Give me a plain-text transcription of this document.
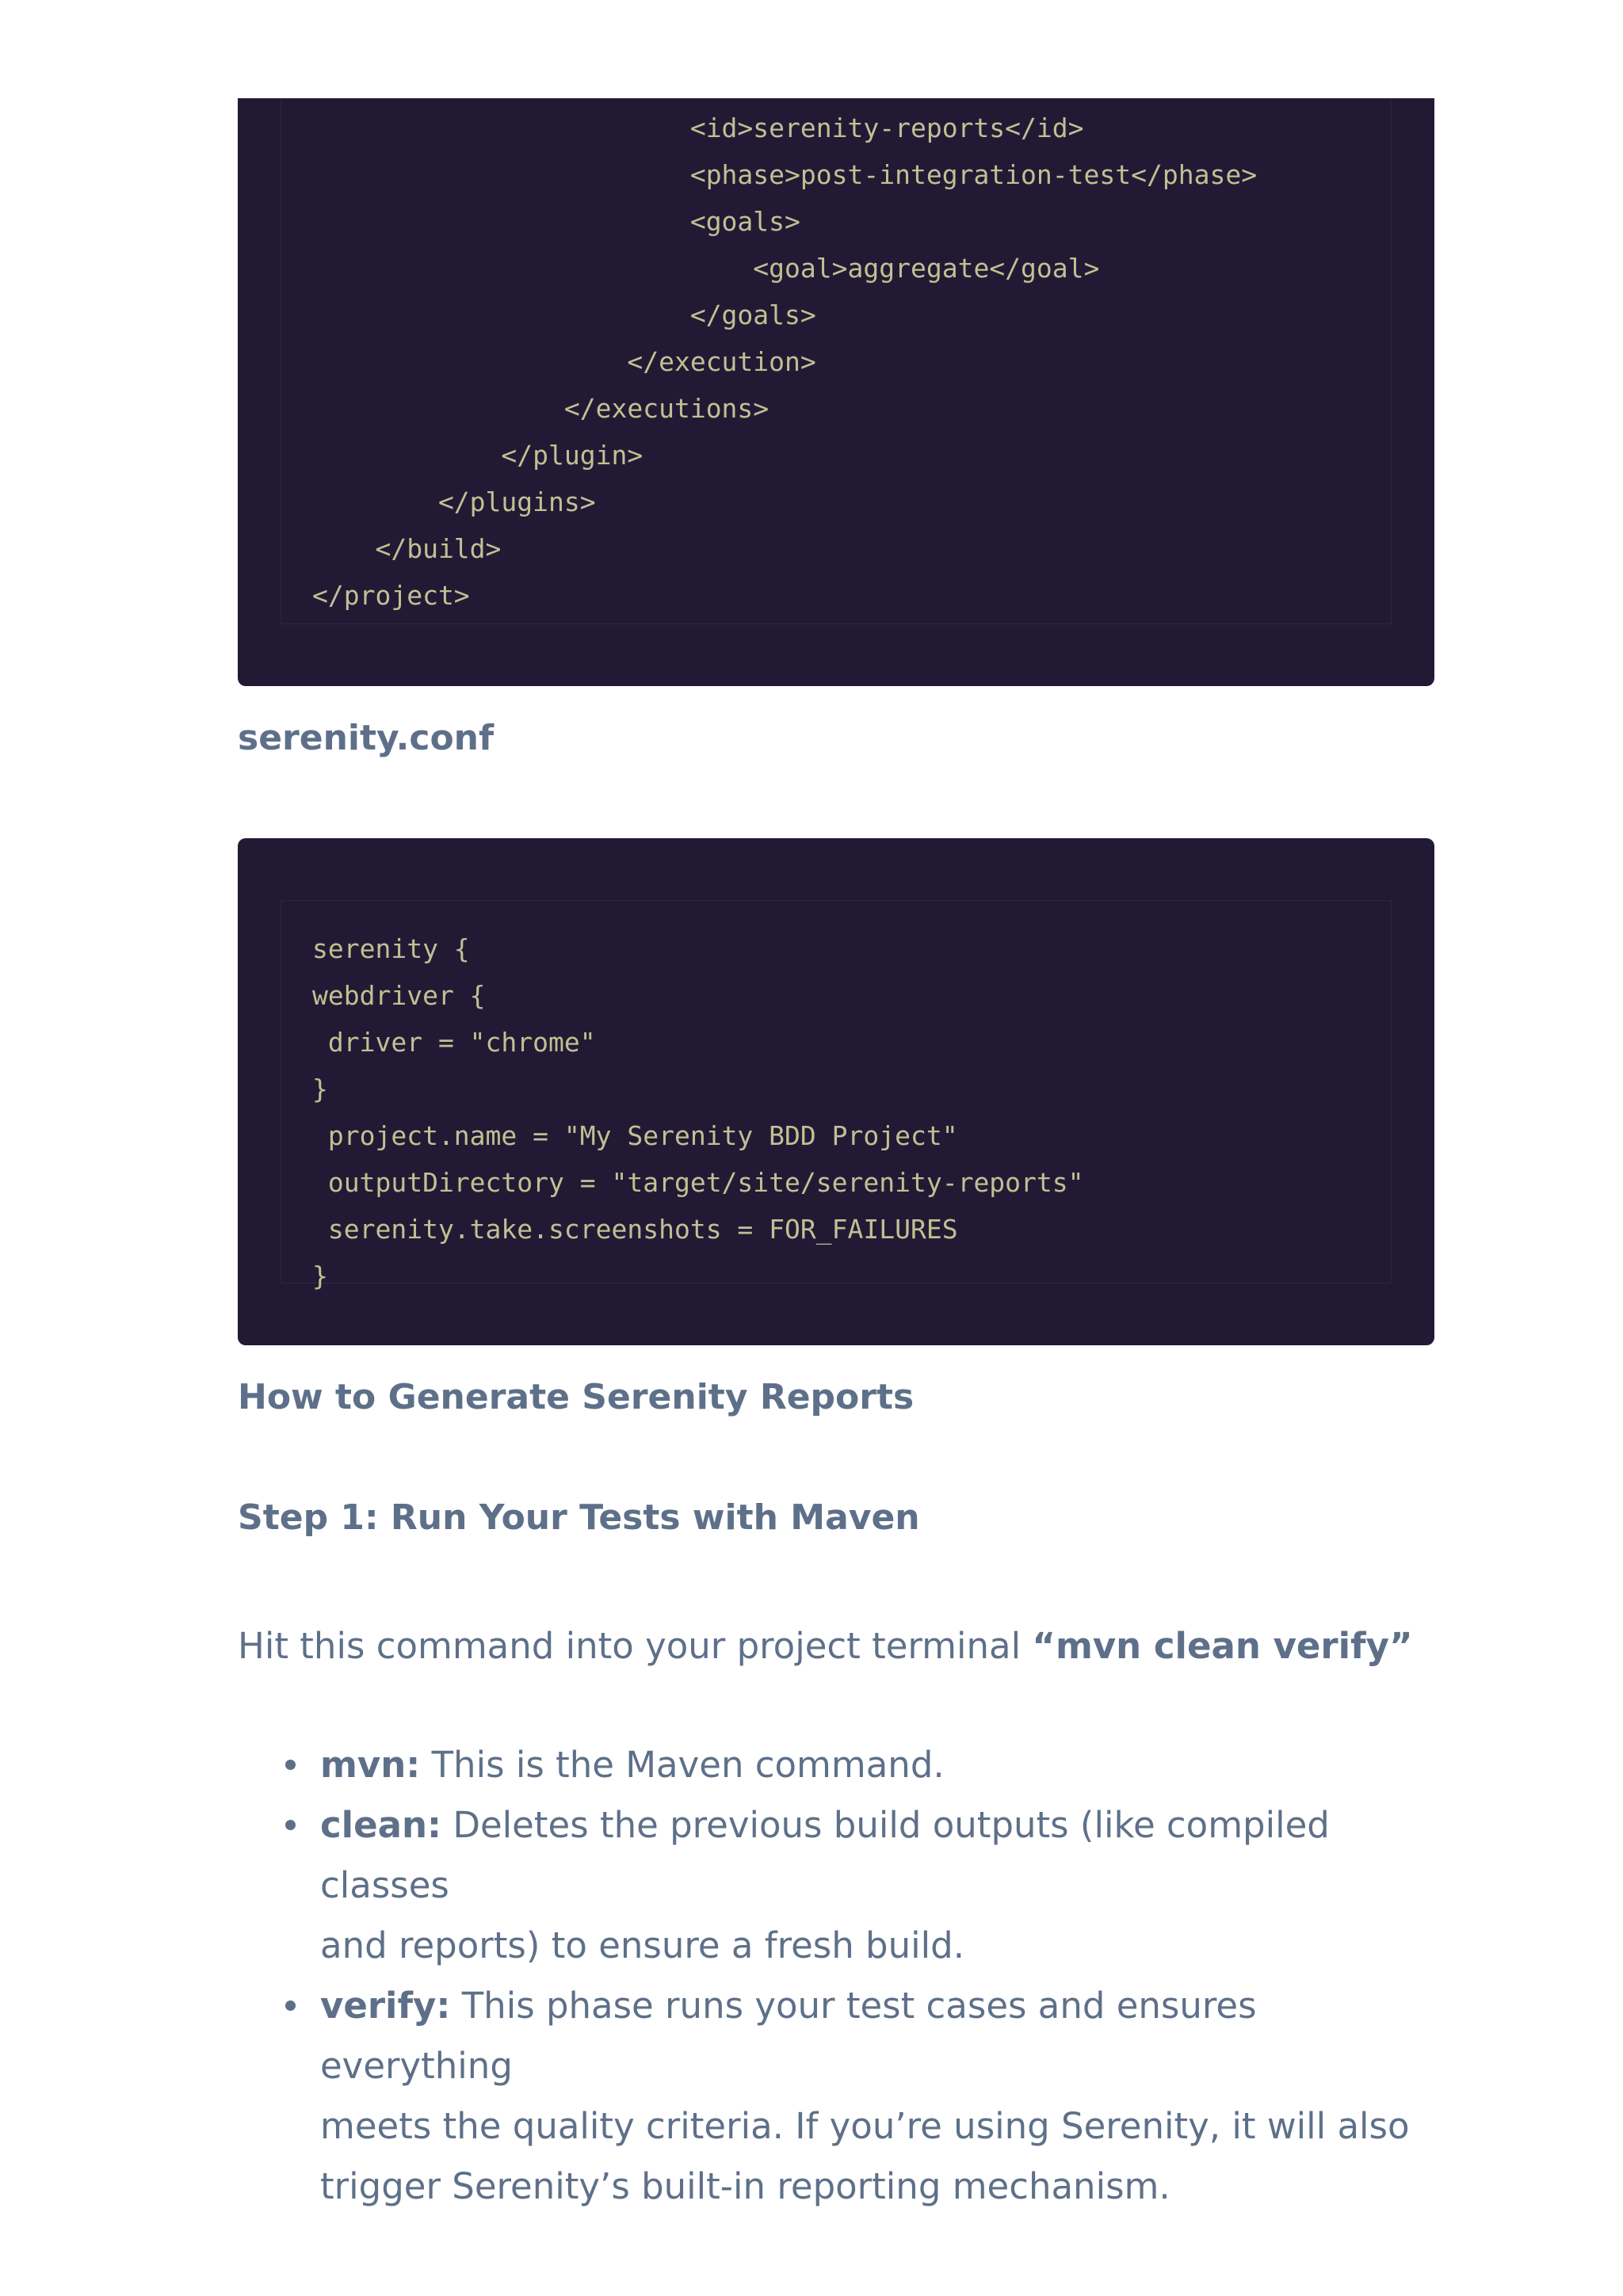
<id>serenity-reports</id>
<phase>post-integration-test</phase>
<goals>
<goal>aggregate</goal>
</goals>
</execution>
</executions>
</plugin>
</plugins>
</build>
</project>
serenity.conf
serenity {
webdriver {
driver = "chrome"
}
project.name = "My Serenity BDD Project"
outputDirectory = "target/site/serenity-reports"
serenity.take.screenshots = FOR_FAILURES
}
How to Generate Serenity Reports
Step 1: Run Your Tests with Maven

Hit this command into your project terminal “mvn clean verify”

mvn: This is the Maven command.
clean: Deletes the previous build outputs (like compiled classes
and reports) to ensure a fresh build.
verify: This phase runs your test cases and ensures everything
meets the quality criteria. If you’re using Serenity, it will also
trigger Serenity’s built-in reporting mechanism.
